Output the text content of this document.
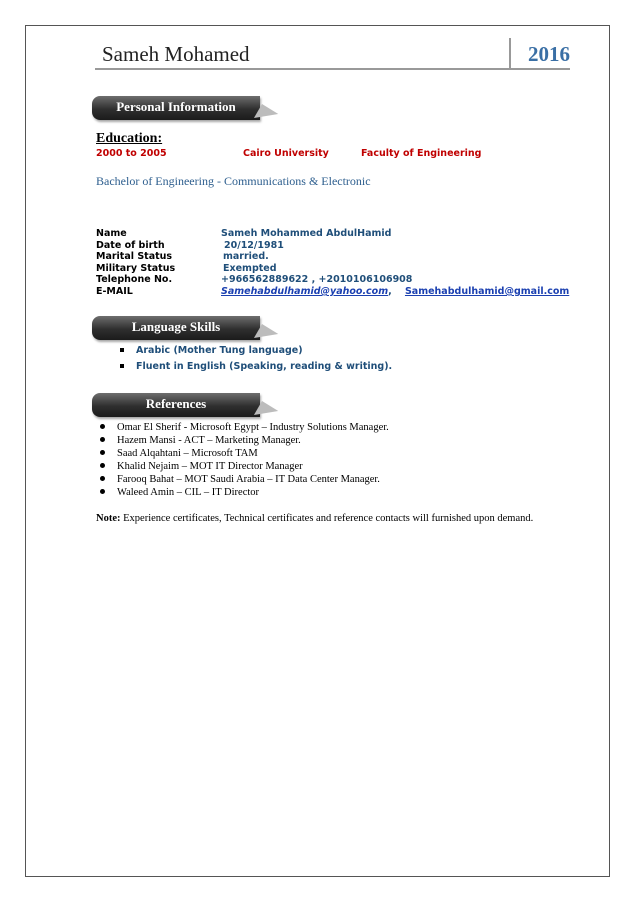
Sameh Mohamed	2016
Personal Information
Education:
2000 to 2005	Cairo University	Faculty of Engineering
Bachelor of Engineering - Communications & Electronic
Name	Sameh Mohammed AbdulHamid
Date of birth	20/12/1981
Marital Status	married.
Military Status	Exempted
Telephone No.	+966562889622 , +2010106106908
E-MAIL	Samehabdulhamid@yahoo.com, Samehabdulhamid@gmail.com
Language Skills
Arabic (Mother Tung language)
Fluent in English (Speaking, reading & writing).
References
Omar El Sherif - Microsoft Egypt – Industry Solutions Manager.
Hazem Mansi - ACT – Marketing Manager.
Saad Alqahtani – Microsoft TAM
Khalid Nejaim – MOT IT Director Manager
Farooq Bahat – MOT Saudi Arabia – IT Data Center Manager.
Waleed Amin – CIL – IT Director
Note: Experience certificates, Technical certificates and reference contacts will furnished upon demand.
